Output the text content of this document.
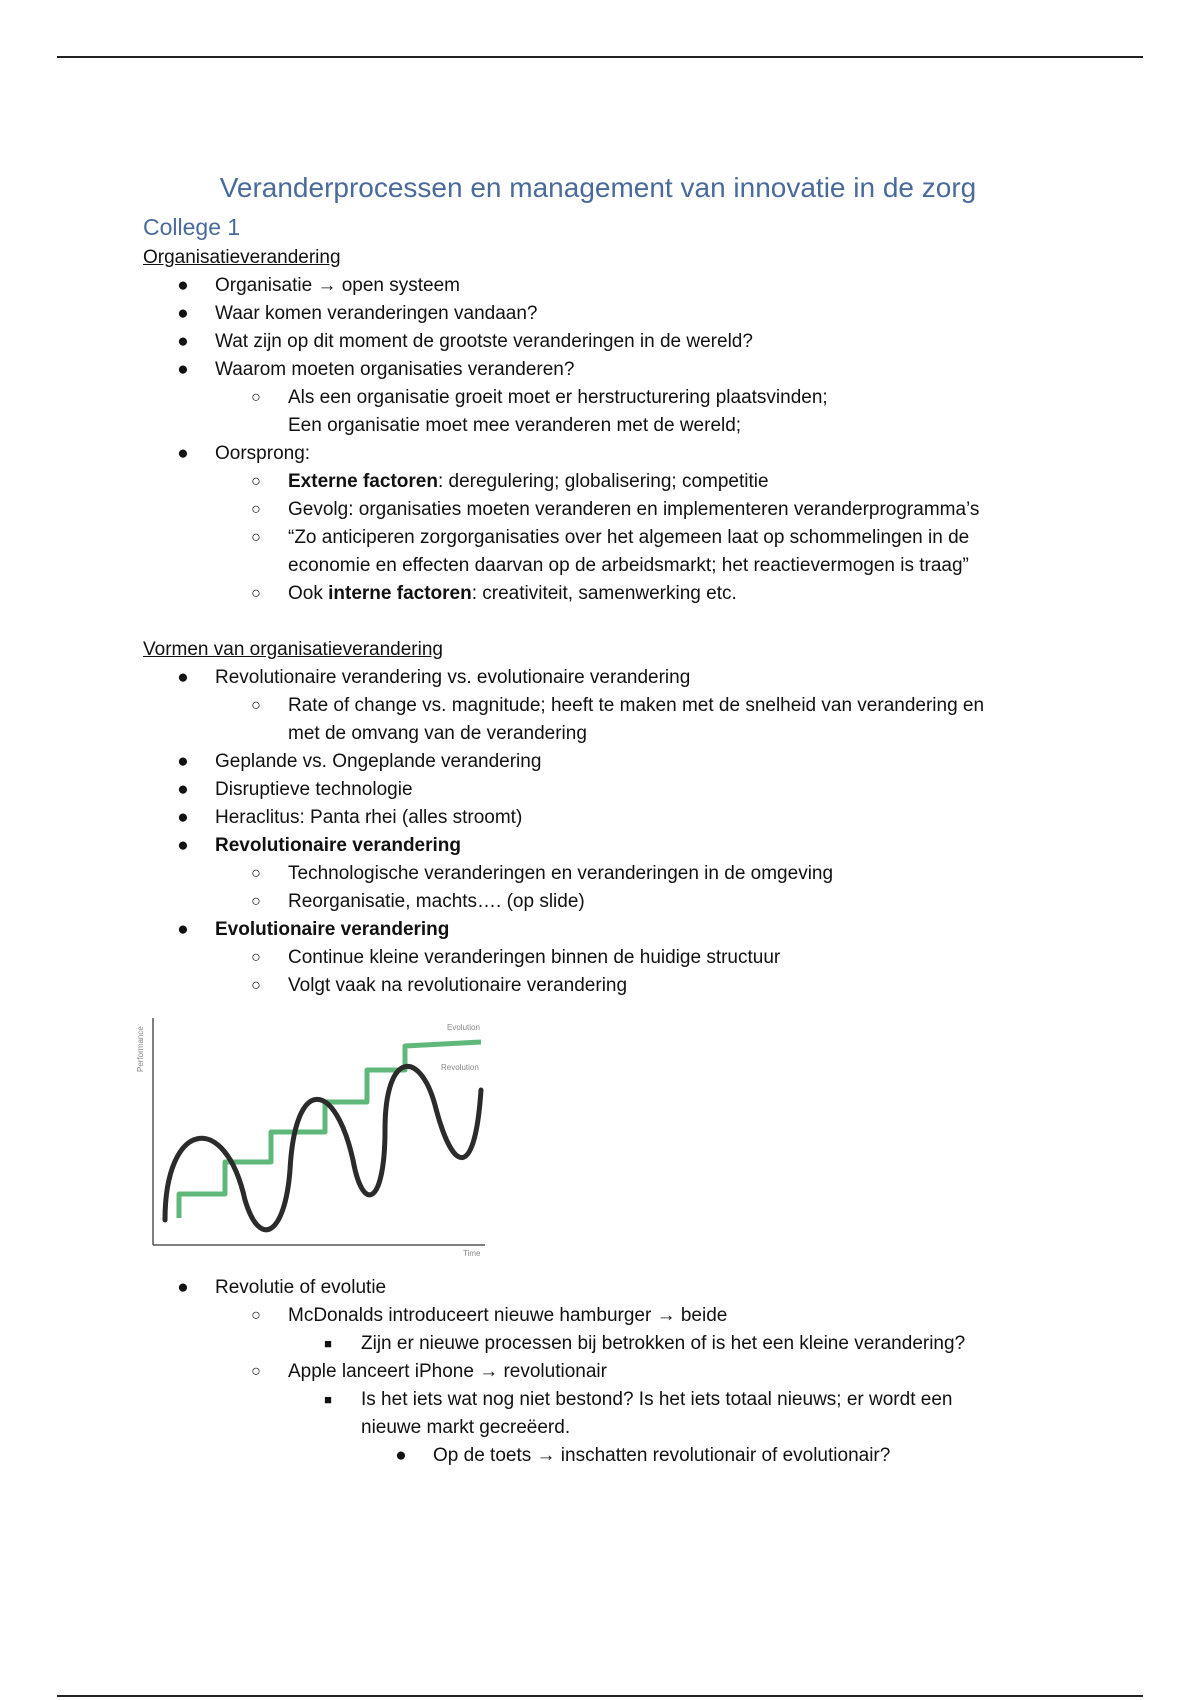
Veranderprocessen en management van innovatie in de zorg
College 1
Organisatieverandering
● Organisatie → open systeem
● Waar komen veranderingen vandaan?
● Wat zijn op dit moment de grootste veranderingen in de wereld?
● Waarom moeten organisaties veranderen?
○ Als een organisatie groeit moet er herstructurering plaatsvinden;
Een organisatie moet mee veranderen met de wereld;
● Oorsprong:
○ Externe factoren: deregulering; globalisering; competitie
○ Gevolg: organisaties moeten veranderen en implementeren veranderprogramma’s
○ “Zo anticiperen zorgorganisaties over het algemeen laat op schommelingen in de
economie en effecten daarvan op de arbeidsmarkt; het reactievermogen is traag”
○ Ook interne factoren: creativiteit, samenwerking etc.
Vormen van organisatieverandering
● Revolutionaire verandering vs. evolutionaire verandering
○ Rate of change vs. magnitude; heeft te maken met de snelheid van verandering en
met de omvang van de verandering
● Geplande vs. Ongeplande verandering
● Disruptieve technologie
● Heraclitus: Panta rhei (alles stroomt)
● Revolutionaire verandering
○ Technologische veranderingen en veranderingen in de omgeving
○ Reorganisatie, machts…. (op slide)
● Evolutionaire verandering
○ Continue kleine veranderingen binnen de huidige structuur
○ Volgt vaak na revolutionaire verandering
Performance
Time
Evolution
Revolution
● Revolutie of evolutie
○ McDonalds introduceert nieuwe hamburger → beide
■	Zijn er nieuwe processen bij betrokken of is het een kleine verandering?
○ Apple lanceert iPhone → revolutionair
■	Is het iets wat nog niet bestond? Is het iets totaal nieuws; er wordt een
nieuwe markt gecreëerd.
● Op de toets → inschatten revolutionair of evolutionair?
